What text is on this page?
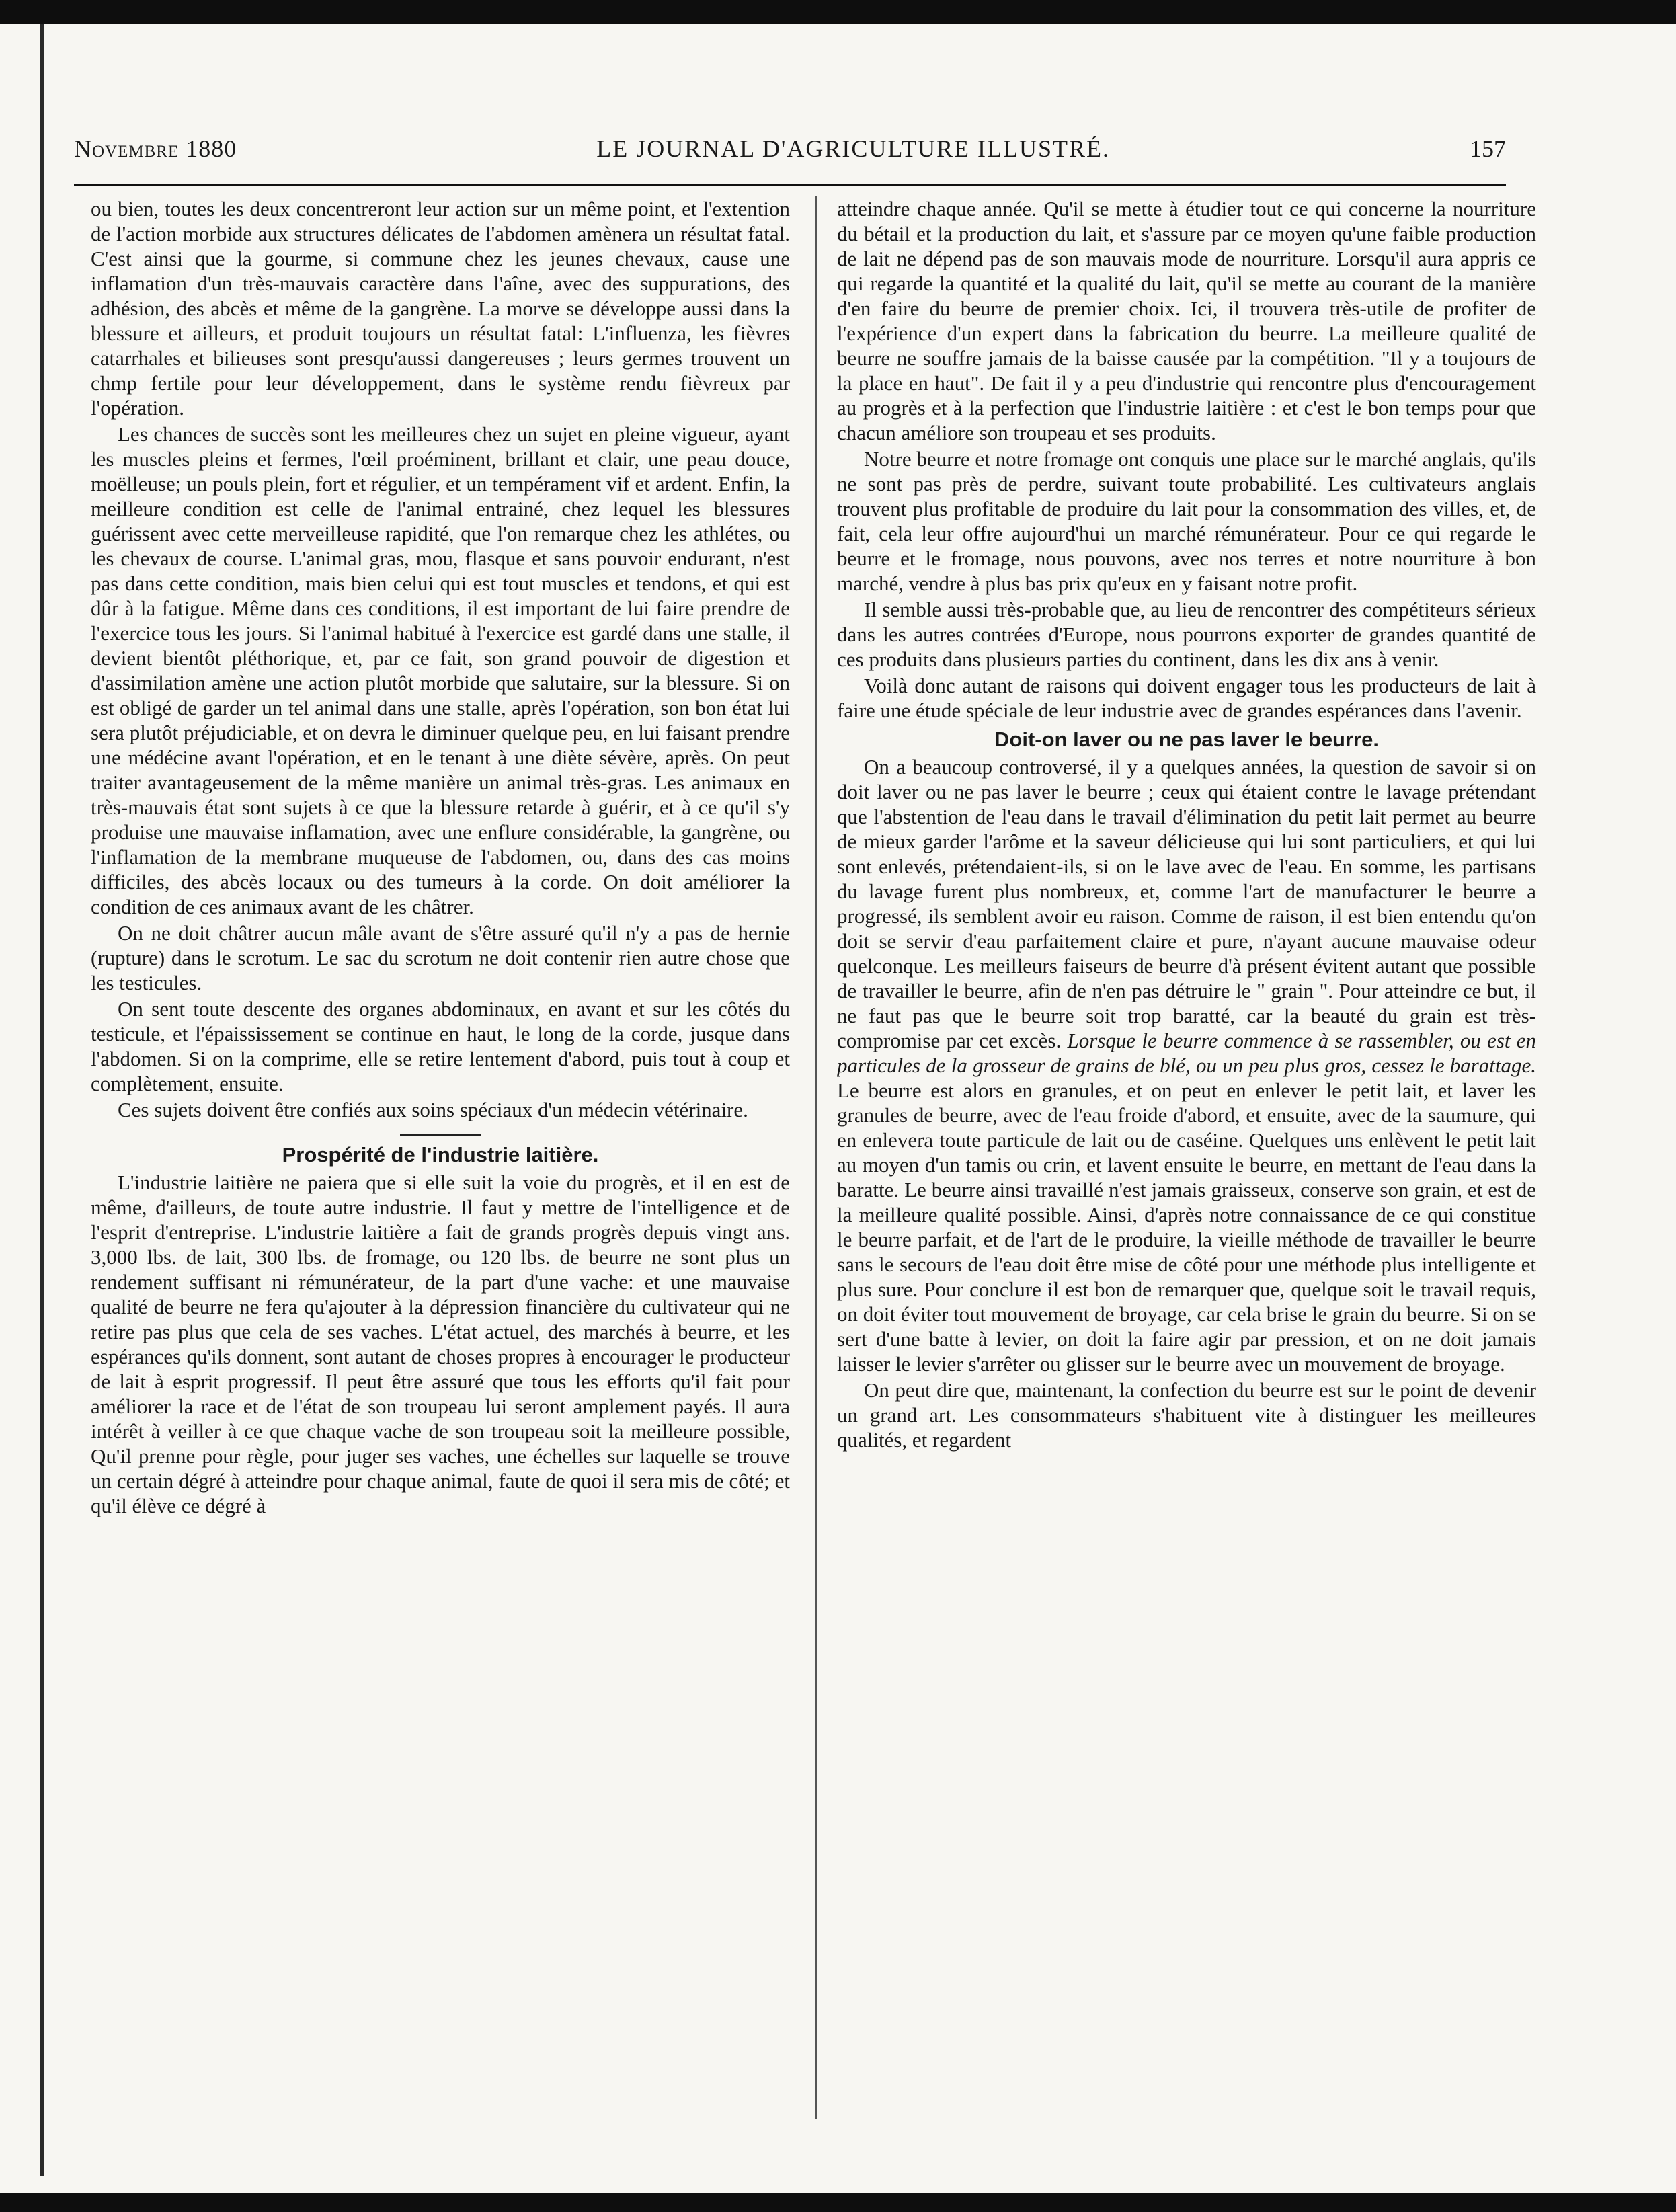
Novembre 1880	LE JOURNAL D'AGRICULTURE ILLUSTRÉ.	157

ou bien, toutes les deux concentreront leur action sur un même point, et l'extention de l'action morbide aux structures délicates de l'abdomen amènera un résultat fatal. C'est ainsi que la gourme, si commune chez les jeunes chevaux, cause une inflamation d'un très-mauvais caractère dans l'aîne, avec des suppurations, des adhésion, des abcès et même de la gangrène. La morve se développe aussi dans la blessure et ailleurs, et produit toujours un résultat fatal: L'influenza, les fièvres catarrhales et bilieuses sont presqu'aussi dangereuses ; leurs germes trouvent un chmp fertile pour leur développement, dans le système rendu fièvreux par l'opération.

Les chances de succès sont les meilleures chez un sujet en pleine vigueur, ayant les muscles pleins et fermes, l'œil proéminent, brillant et clair, une peau douce, moëlleuse; un pouls plein, fort et régulier, et un tempérament vif et ardent. Enfin, la meilleure condition est celle de l'animal entrainé, chez lequel les blessures guérissent avec cette merveilleuse rapidité, que l'on remarque chez les athlétes, ou les chevaux de course. L'animal gras, mou, flasque et sans pouvoir endurant, n'est pas dans cette condition, mais bien celui qui est tout muscles et tendons, et qui est dûr à la fatigue. Même dans ces conditions, il est important de lui faire prendre de l'exercice tous les jours. Si l'animal habitué à l'exercice est gardé dans une stalle, il devient bientôt pléthorique, et, par ce fait, son grand pouvoir de digestion et d'assimilation amène une action plutôt morbide que salutaire, sur la blessure. Si on est obligé de garder un tel animal dans une stalle, après l'opération, son bon état lui sera plutôt préjudiciable, et on devra le diminuer quelque peu, en lui faisant prendre une médécine avant l'opération, et en le tenant à une diète sévère, après. On peut traiter avantageusement de la même manière un animal très-gras. Les animaux en très-mauvais état sont sujets à ce que la blessure retarde à guérir, et à ce qu'il s'y produise une mauvaise inflamation, avec une enflure considérable, la gangrène, ou l'inflamation de la membrane muqueuse de l'abdomen, ou, dans des cas moins difficiles, des abcès locaux ou des tumeurs à la corde. On doit améliorer la condition de ces animaux avant de les châtrer.

On ne doit châtrer aucun mâle avant de s'être assuré qu'il n'y a pas de hernie (rupture) dans le scrotum. Le sac du scrotum ne doit contenir rien autre chose que les testicules.

On sent toute descente des organes abdominaux, en avant et sur les côtés du testicule, et l'épaississement se continue en haut, le long de la corde, jusque dans l'abdomen. Si on la comprime, elle se retire lentement d'abord, puis tout à coup et complètement, ensuite.

Ces sujets doivent être confiés aux soins spéciaux d'un médecin vétérinaire.

Prospérité de l'industrie laitière.

L'industrie laitière ne paiera que si elle suit la voie du progrès, et il en est de même, d'ailleurs, de toute autre industrie. Il faut y mettre de l'intelligence et de l'esprit d'entreprise. L'industrie laitière a fait de grands progrès depuis vingt ans. 3,000 lbs. de lait, 300 lbs. de fromage, ou 120 lbs. de beurre ne sont plus un rendement suffisant ni rémunérateur, de la part d'une vache: et une mauvaise qualité de beurre ne fera qu'ajouter à la dépression financière du cultivateur qui ne retire pas plus que cela de ses vaches. L'état actuel, des marchés à beurre, et les espérances qu'ils donnent, sont autant de choses propres à encourager le producteur de lait à esprit progressif. Il peut être assuré que tous les efforts qu'il fait pour améliorer la race et de l'état de son troupeau lui seront amplement payés. Il aura intérêt à veiller à ce que chaque vache de son troupeau soit la meilleure possible, Qu'il prenne pour règle, pour juger ses vaches, une échelles sur laquelle se trouve un certain dégré à atteindre pour chaque animal, faute de quoi il sera mis de côté; et qu'il élève ce dégré à

atteindre chaque année. Qu'il se mette à étudier tout ce qui concerne la nourriture du bétail et la production du lait, et s'assure par ce moyen qu'une faible production de lait ne dépend pas de son mauvais mode de nourriture. Lorsqu'il aura appris ce qui regarde la quantité et la qualité du lait, qu'il se mette au courant de la manière d'en faire du beurre de premier choix. Ici, il trouvera très-utile de profiter de l'expérience d'un expert dans la fabrication du beurre. La meilleure qualité de beurre ne souffre jamais de la baisse causée par la compétition. "Il y a toujours de la place en haut". De fait il y a peu d'industrie qui rencontre plus d'encouragement au progrès et à la perfection que l'industrie laitière : et c'est le bon temps pour que chacun améliore son troupeau et ses produits.

Notre beurre et notre fromage ont conquis une place sur le marché anglais, qu'ils ne sont pas près de perdre, suivant toute probabilité. Les cultivateurs anglais trouvent plus profitable de produire du lait pour la consommation des villes, et, de fait, cela leur offre aujourd'hui un marché rémunérateur. Pour ce qui regarde le beurre et le fromage, nous pouvons, avec nos terres et notre nourriture à bon marché, vendre à plus bas prix qu'eux en y faisant notre profit.

Il semble aussi très-probable que, au lieu de rencontrer des compétiteurs sérieux dans les autres contrées d'Europe, nous pourrons exporter de grandes quantité de ces produits dans plusieurs parties du continent, dans les dix ans à venir.

Voilà donc autant de raisons qui doivent engager tous les producteurs de lait à faire une étude spéciale de leur industrie avec de grandes espérances dans l'avenir.

Doit-on laver ou ne pas laver le beurre.

On a beaucoup controversé, il y a quelques années, la question de savoir si on doit laver ou ne pas laver le beurre ; ceux qui étaient contre le lavage prétendant que l'abstention de l'eau dans le travail d'élimination du petit lait permet au beurre de mieux garder l'arôme et la saveur délicieuse qui lui sont particuliers, et qui lui sont enlevés, prétendaient-ils, si on le lave avec de l'eau. En somme, les partisans du lavage furent plus nombreux, et, comme l'art de manufacturer le beurre a progressé, ils semblent avoir eu raison. Comme de raison, il est bien entendu qu'on doit se servir d'eau parfaitement claire et pure, n'ayant aucune mauvaise odeur quelconque. Les meilleurs faiseurs de beurre d'à présent évitent autant que possible de travailler le beurre, afin de n'en pas détruire le " grain ". Pour atteindre ce but, il ne faut pas que le beurre soit trop baratté, car la beauté du grain est très-compromise par cet excès. Lorsque le beurre commence à se rassembler, ou est en particules de la grosseur de grains de blé, ou un peu plus gros, cessez le barattage. Le beurre est alors en granules, et on peut en enlever le petit lait, et laver les granules de beurre, avec de l'eau froide d'abord, et ensuite, avec de la saumure, qui en enlevera toute particule de lait ou de caséine. Quelques uns enlèvent le petit lait au moyen d'un tamis ou crin, et lavent ensuite le beurre, en mettant de l'eau dans la baratte. Le beurre ainsi travaillé n'est jamais graisseux, conserve son grain, et est de la meilleure qualité possible. Ainsi, d'après notre connaissance de ce qui constitue le beurre parfait, et de l'art de le produire, la vieille méthode de travailler le beurre sans le secours de l'eau doit être mise de côté pour une méthode plus intelligente et plus sure. Pour conclure il est bon de remarquer que, quelque soit le travail requis, on doit éviter tout mouvement de broyage, car cela brise le grain du beurre. Si on se sert d'une batte à levier, on doit la faire agir par pression, et on ne doit jamais laisser le levier s'arrêter ou glisser sur le beurre avec un mouvement de broyage.

On peut dire que, maintenant, la confection du beurre est sur le point de devenir un grand art. Les consommateurs s'habituent vite à distinguer les meilleures qualités, et regardent
